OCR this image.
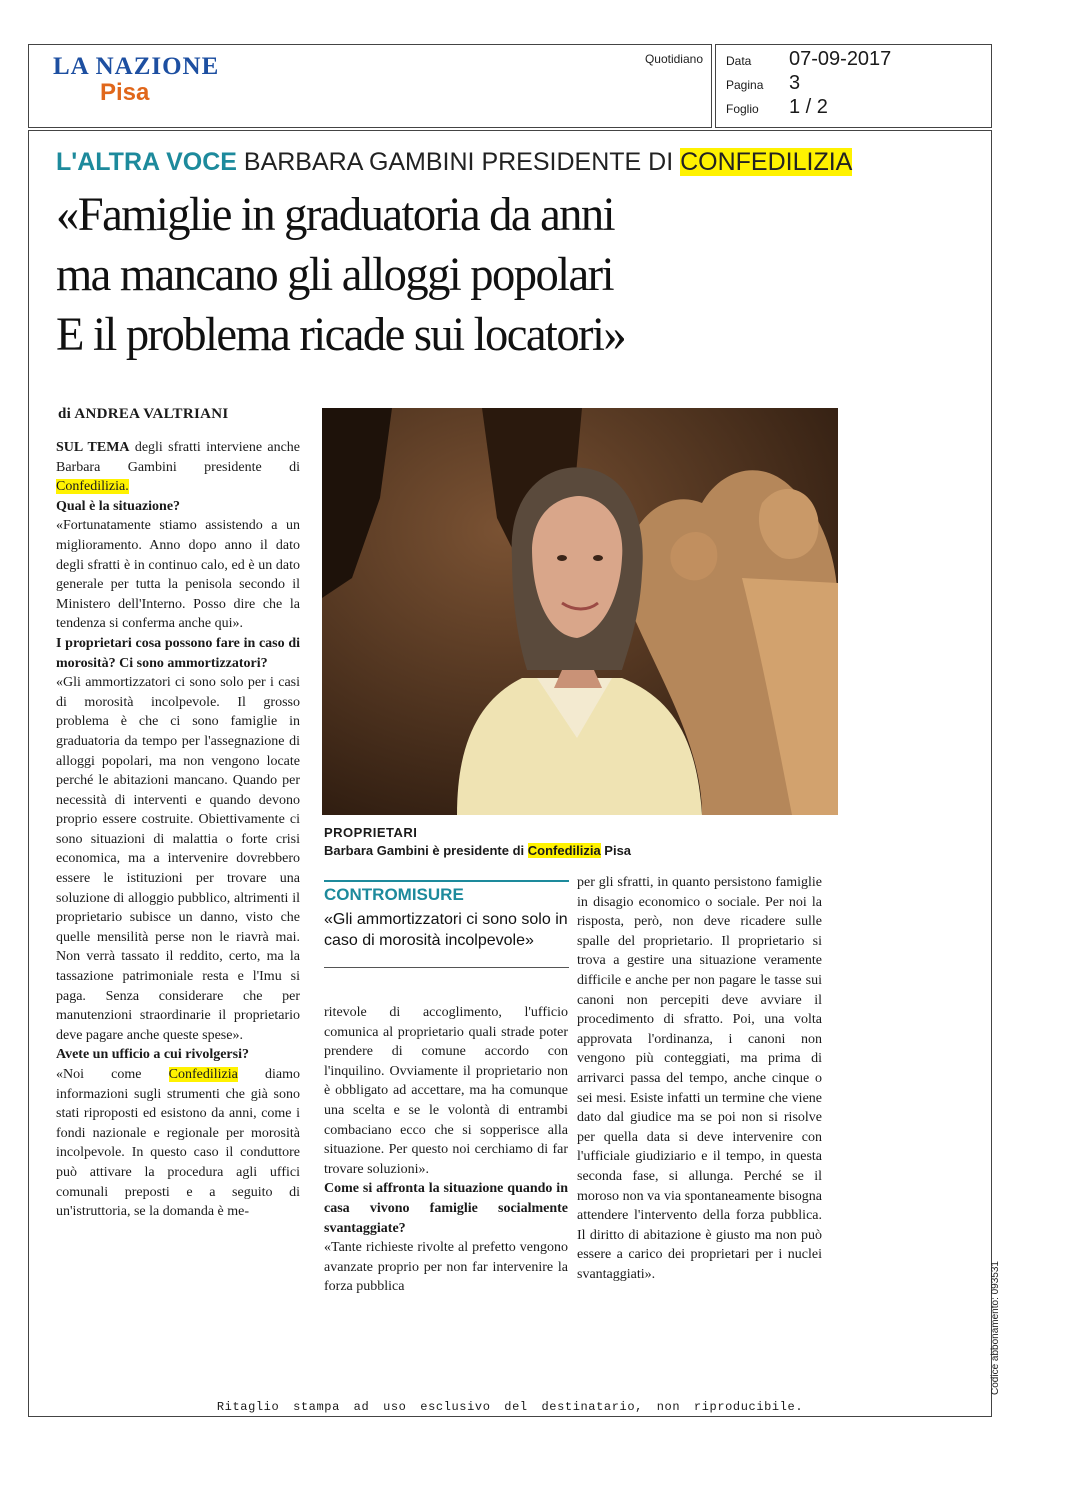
LA NAZIONE
Pisa
Quotidiano Data 07-09-2017
Pagina 3
Foglio 1 / 2
L'ALTRA VOCE BARBARA GAMBINI PRESIDENTE DI CONFEDILIZIA
«Famiglie in graduatoria da anni
ma mancano gli alloggi popolari
E il problema ricade sui locatori»
di ANDREA VALTRIANI

SUL TEMA degli sfratti interviene anche Barbara Gambini presidente di Confedilizia.

Qual è la situazione?

«Fortunatamente stiamo assistendo a un miglioramento. Anno dopo anno il dato degli sfratti è in continuo calo, ed è un dato generale per tutta la penisola secondo il Ministero dell'Interno. Posso dire che la tendenza si conferma anche qui».

I proprietari cosa possono fare in caso di morosità? Ci sono ammortizzatori?

«Gli ammortizzatori ci sono solo per i casi di morosità incolpevole. Il grosso problema è che ci sono famiglie in graduatoria da tempo per l'assegnazione di alloggi popolari, ma non vengono locate perché le abitazioni mancano. Quando per necessità di interventi e quando devono proprio essere costruite. Obiettivamente ci sono situazioni di malattia o forte crisi economica, ma a intervenire dovrebbero essere le istituzioni per trovare una soluzione di alloggio pubblico, altrimenti il proprietario subisce un danno, visto che quelle mensilità perse non le riavrà mai. Non verrà tassato il reddito, certo, ma la tassazione patrimoniale resta e l'Imu si paga. Senza considerare che per manutenzioni straordinarie il proprietario deve pagare anche queste spese».

Avete un ufficio a cui rivolgersi?

«Noi come Confedilizia diamo informazioni sugli strumenti che già sono stati riproposti ed esistono da anni, come i fondi nazionale e regionale per morosità incolpevole. In questo caso il conduttore può attivare la procedura agli uffici comunali preposti e a seguito di un'istruttoria, se la domanda è me-

PROPRIETARI
Barbara Gambini è presidente di Confedilizia Pisa
CONTROMISURE
«Gli ammortizzatori ci sono solo in caso di morosità incolpevole»

ritevole di accoglimento, l'ufficio comunica al proprietario quali strade poter prendere di comune accordo con l'inquilino. Ovviamente il proprietario non è obbligato ad accettare, ma ha comunque una scelta e se le volontà di entrambi combaciano ecco che si sopperisce alla situazione. Per questo noi cerchiamo di far trovare soluzioni».

Come si affronta la situazione quando in casa vivono famiglie socialmente svantaggiate?

«Tante richieste rivolte al prefetto vengono avanzate proprio per non far intervenire la forza pubblica

per gli sfratti, in quanto persistono famiglie in disagio economico o sociale. Per noi la risposta, però, non deve ricadere sulle spalle del proprietario. Il proprietario si trova a gestire una situazione veramente difficile e anche per non pagare le tasse sui canoni non percepiti deve avviare il procedimento di sfratto. Poi, una volta approvata l'ordinanza, i canoni non vengono più conteggiati, ma prima di arrivarci passa del tempo, anche cinque o sei mesi. Esiste infatti un termine che viene dato dal giudice ma se poi non si risolve per quella data si deve intervenire con l'ufficiale giudiziario e il tempo, in questa seconda fase, si allunga. Perché se il moroso non va via spontaneamente bisogna attendere l'intervento della forza pubblica. Il diritto di abitazione è giusto ma non può essere a carico dei proprietari per i nuclei svantaggiati».

Ritaglio stampa ad uso esclusivo del destinatario, non riproducibile.
Codice abbonamento: 093531
